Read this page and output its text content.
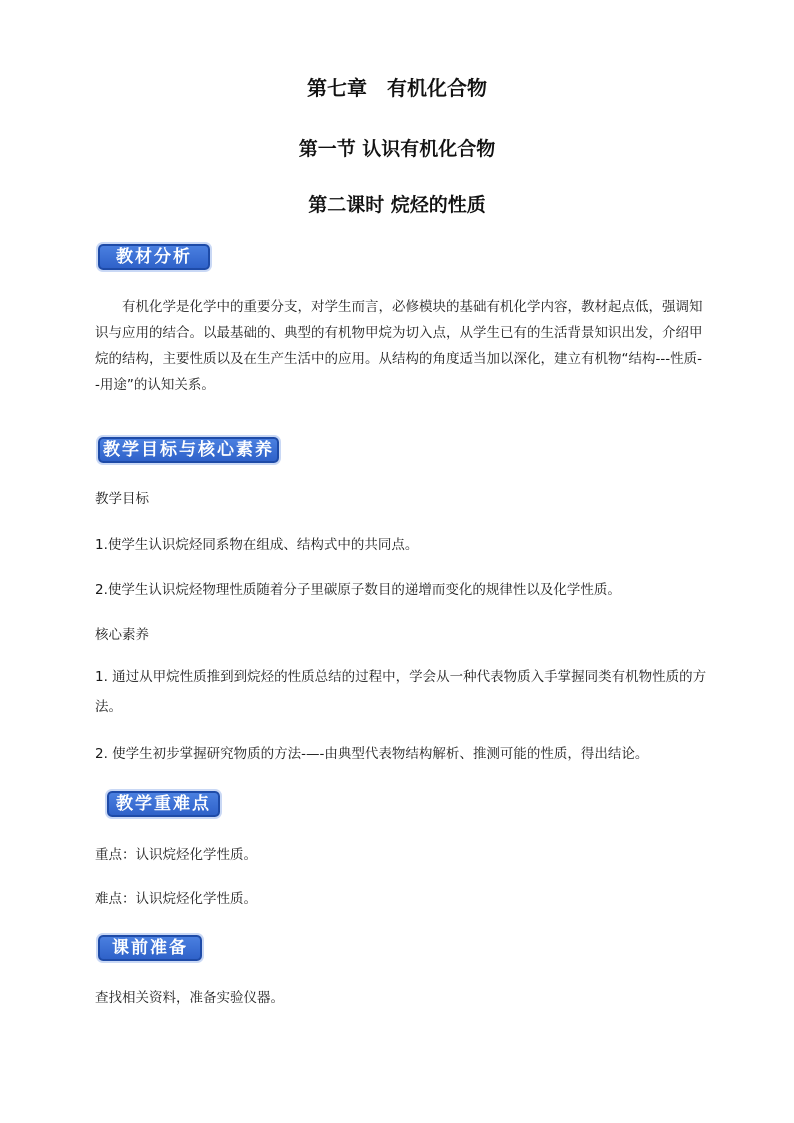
第七章　有机化合物
第一节 认识有机化合物
第二课时 烷烃的性质
教材分析
有机化学是化学中的重要分支，对学生而言，必修模块的基础有机化学内容，教材起点低，强调知识与应用的结合。以最基础的、典型的有机物甲烷为切入点，从学生已有的生活背景知识出发，介绍甲烷的结构，主要性质以及在生产生活中的应用。从结构的角度适当加以深化，建立有机物“结构---性质--用途”的认知关系。
教学目标与核心素养
教学目标
1.使学生认识烷烃同系物在组成、结构式中的共同点。
2.使学生认识烷烃物理性质随着分子里碳原子数目的递增而变化的规律性以及化学性质。
核心素养
1. 通过从甲烷性质推到到烷烃的性质总结的过程中，学会从一种代表物质入手掌握同类有机物性质的方法。
2. 使学生初步掌握研究物质的方法-—-由典型代表物结构解析、推测可能的性质，得出结论。
教学重难点
重点：认识烷烃化学性质。
难点：认识烷烃化学性质。
课前准备
查找相关资料，准备实验仪器。
